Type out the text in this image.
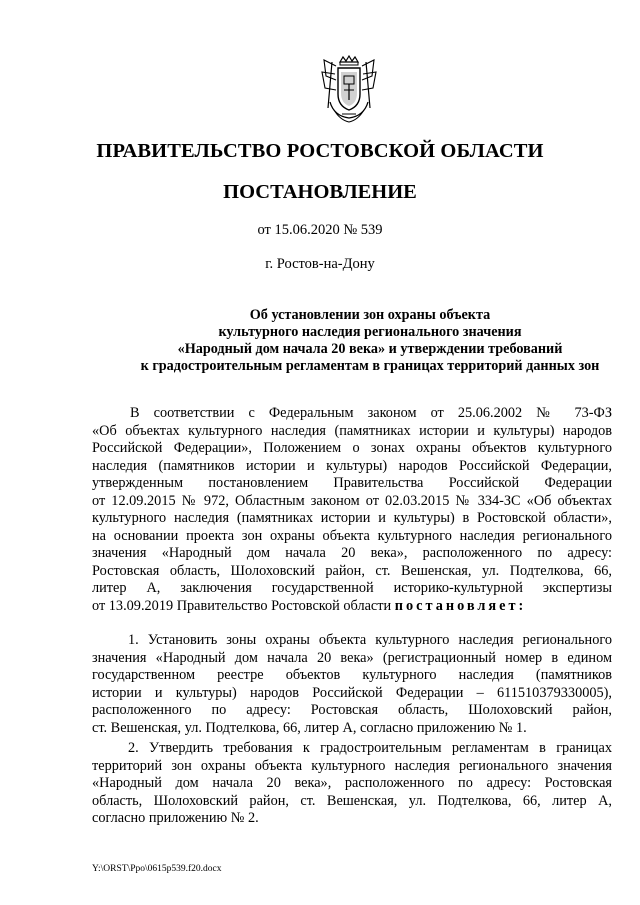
ПРАВИТЕЛЬСТВО РОСТОВСКОЙ ОБЛАСТИ
ПОСТАНОВЛЕНИЕ
от 15.06.2020 № 539
г. Ростов-на-Дону
Об установлении зон охраны объекта
культурного наследия регионального значения
«Народный дом начала 20 века» и утверждении требований
к градостроительным регламентам в границах территорий данных зон
В соответствии с Федеральным законом от 25.06.2002 № 73-ФЗ
«Об объектах культурного наследия (памятниках истории и культуры) народов
Российской Федерации», Положением о зонах охраны объектов культурного
наследия (памятников истории и культуры) народов Российской Федерации,
утвержденным постановлением Правительства Российской Федерации
от 12.09.2015 № 972, Областным законом от 02.03.2015 № 334-ЗС «Об объектах
культурного наследия (памятниках истории и культуры) в Ростовской области»,
на основании проекта зон охраны объекта культурного наследия регионального
значения «Народный дом начала 20 века», расположенного по адресу:
Ростовская область, Шолоховский район, ст. Вешенская, ул. Подтелкова, 66,
литер А, заключения государственной историко-культурной экспертизы
от 13.09.2019 Правительство Ростовской области постановляет:
1. Установить зоны охраны объекта культурного наследия регионального
значения «Народный дом начала 20 века» (регистрационный номер в едином
государственном реестре объектов культурного наследия (памятников
истории и культуры) народов Российской Федерации – 611510379330005),
расположенного по адресу: Ростовская область, Шолоховский район,
ст. Вешенская, ул. Подтелкова, 66, литер А, согласно приложению № 1.
2. Утвердить требования к градостроительным регламентам в границах
территорий зон охраны объекта культурного наследия регионального значения
«Народный дом начала 20 века», расположенного по адресу: Ростовская
область, Шолоховский район, ст. Вешенская, ул. Подтелкова, 66, литер А,
согласно приложению № 2.
Y:\ORST\Ppo\0615p539.f20.docx
